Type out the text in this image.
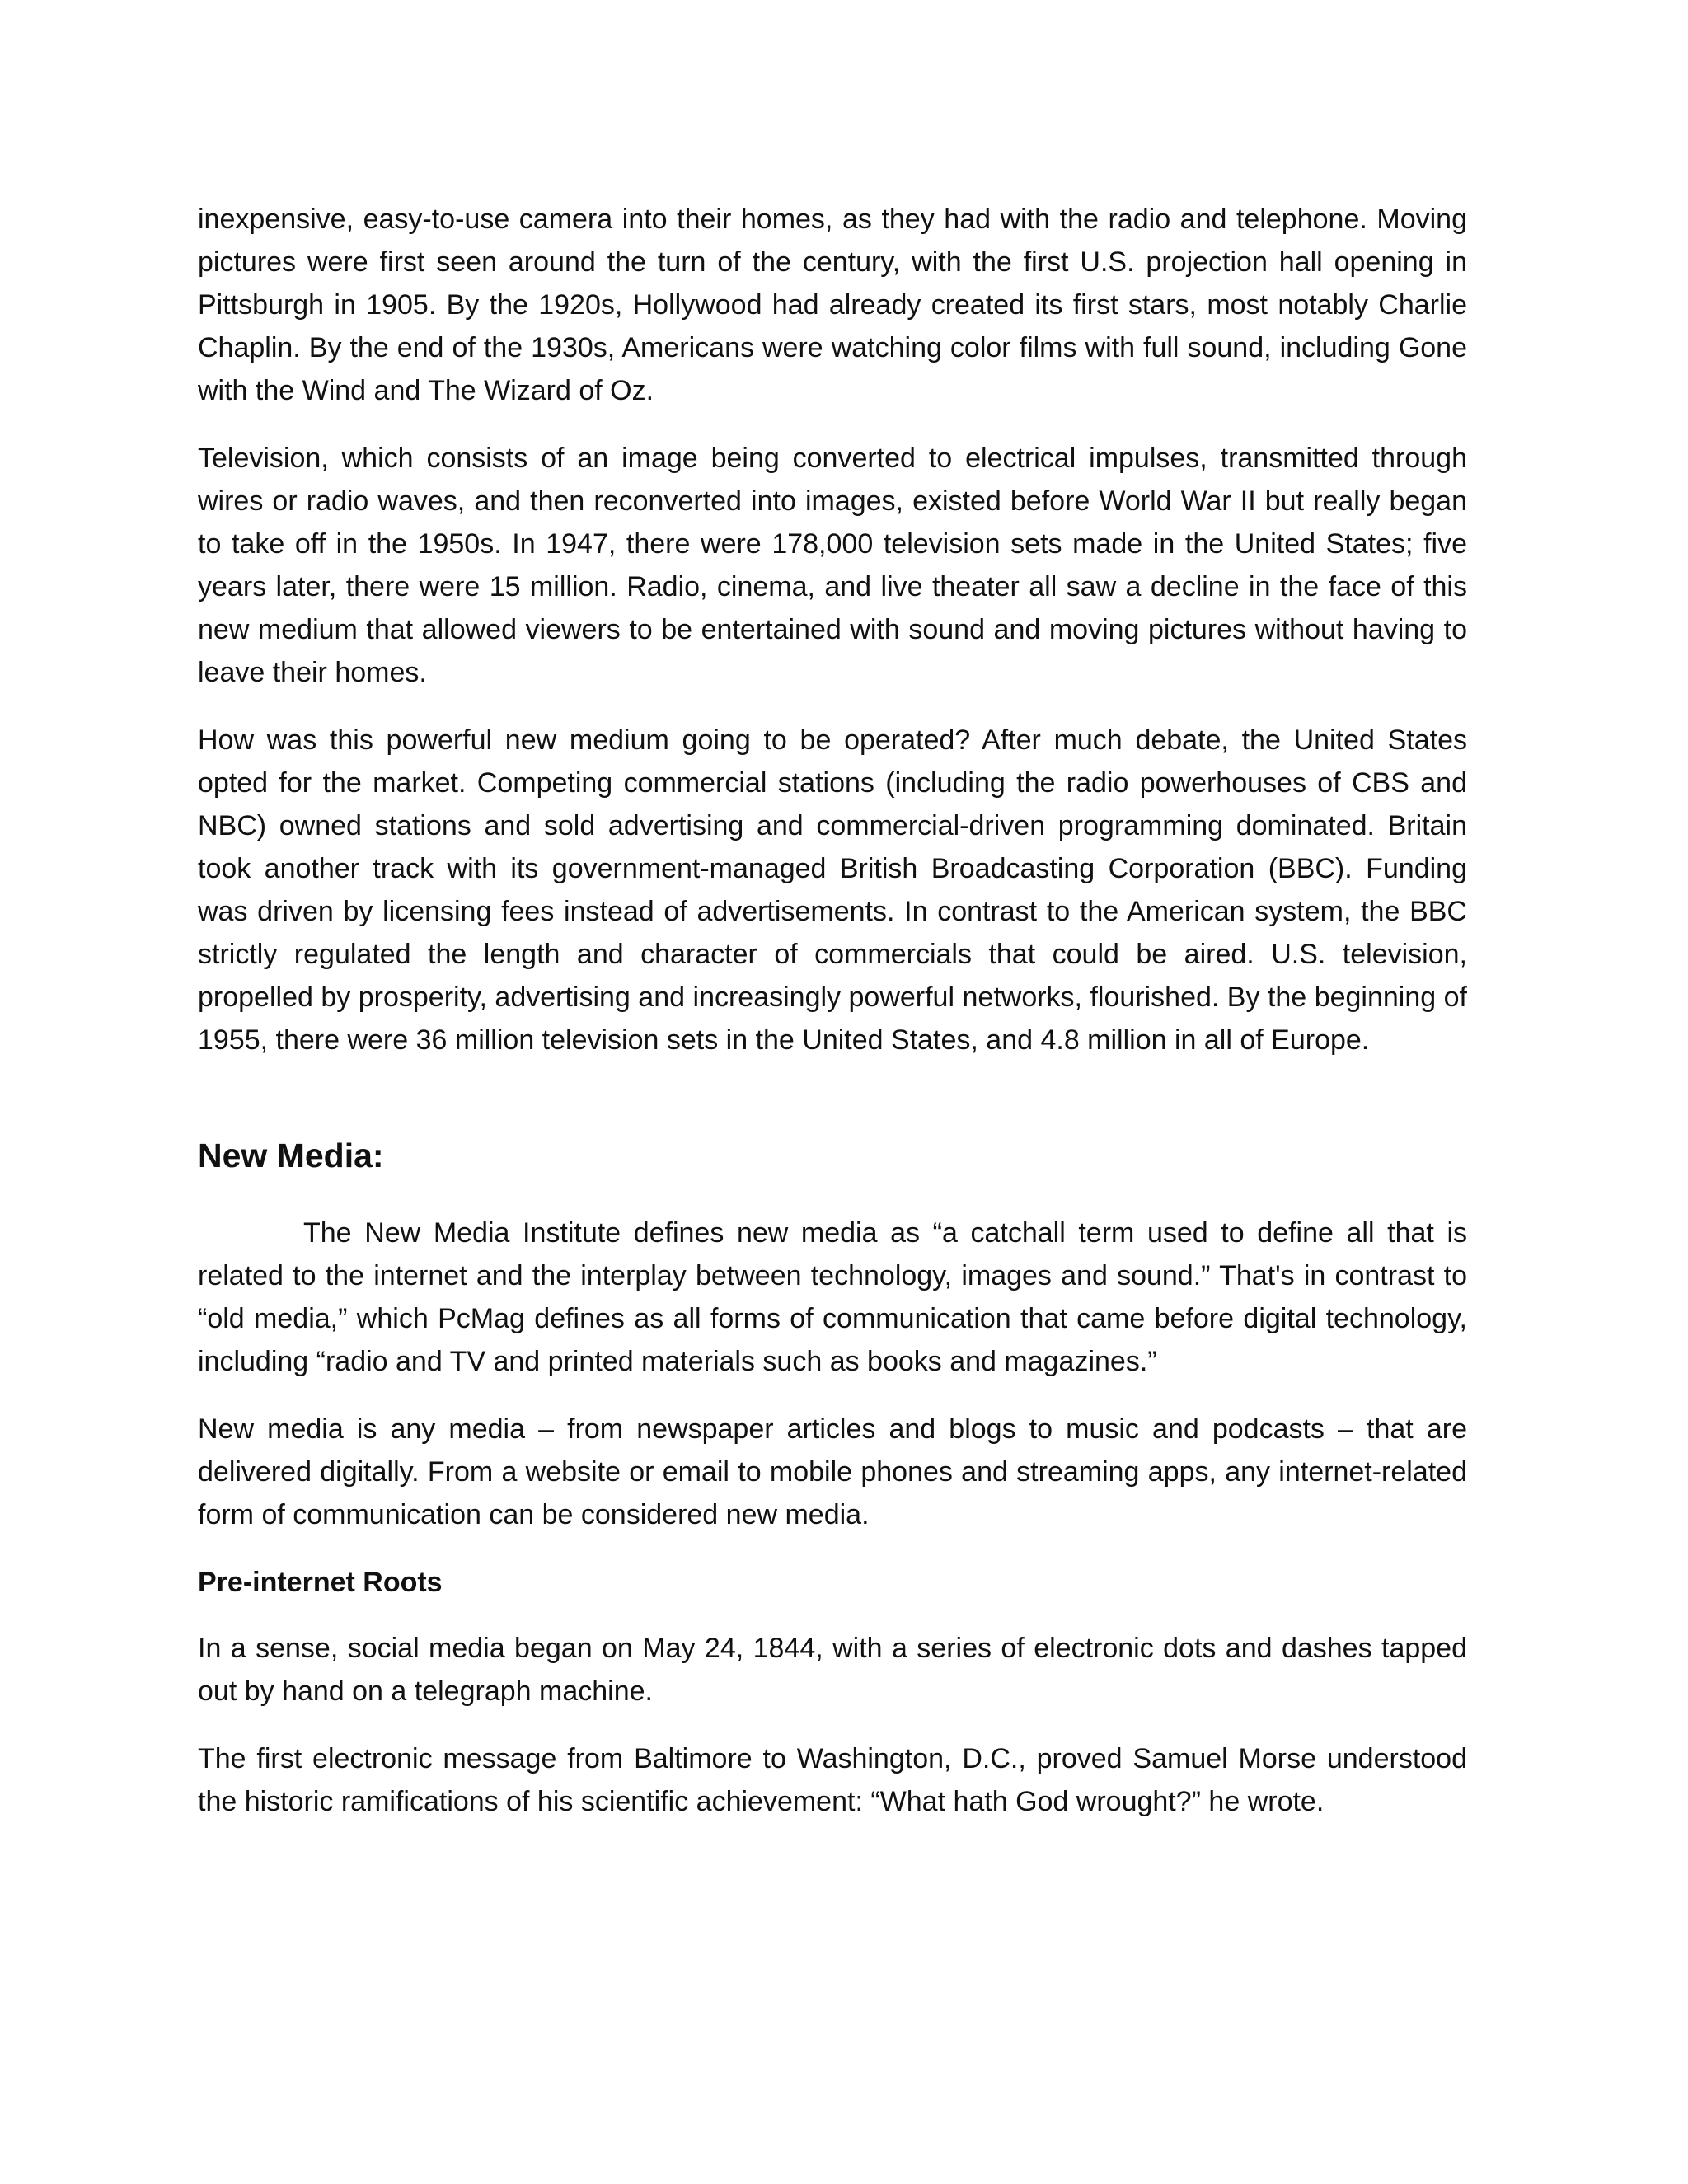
inexpensive, easy-to-use camera into their homes, as they had with the radio and telephone. Moving pictures were first seen around the turn of the century, with the first U.S. projection hall opening in Pittsburgh in 1905. By the 1920s, Hollywood had already created its first stars, most notably Charlie Chaplin. By the end of the 1930s, Americans were watching color films with full sound, including Gone with the Wind and The Wizard of Oz.

Television, which consists of an image being converted to electrical impulses, transmitted through wires or radio waves, and then reconverted into images, existed before World War II but really began to take off in the 1950s. In 1947, there were 178,000 television sets made in the United States; five years later, there were 15 million. Radio, cinema, and live theater all saw a decline in the face of this new medium that allowed viewers to be entertained with sound and moving pictures without having to leave their homes.

How was this powerful new medium going to be operated? After much debate, the United States opted for the market. Competing commercial stations (including the radio powerhouses of CBS and NBC) owned stations and sold advertising and commercial-driven programming dominated. Britain took another track with its government-managed British Broadcasting Corporation (BBC). Funding was driven by licensing fees instead of advertisements. In contrast to the American system, the BBC strictly regulated the length and character of commercials that could be aired. U.S. television, propelled by prosperity, advertising and increasingly powerful networks, flourished. By the beginning of 1955, there were 36 million television sets in the United States, and 4.8 million in all of Europe.

New Media:

The New Media Institute defines new media as “a catchall term used to define all that is related to the internet and the interplay between technology, images and sound.” That's in contrast to “old media,” which PcMag defines as all forms of communication that came before digital technology, including “radio and TV and printed materials such as books and magazines.”

New media is any media – from newspaper articles and blogs to music and podcasts – that are delivered digitally. From a website or email to mobile phones and streaming apps, any internet-related form of communication can be considered new media.

Pre-internet Roots

In a sense, social media began on May 24, 1844, with a series of electronic dots and dashes tapped out by hand on a telegraph machine.

The first electronic message from Baltimore to Washington, D.C., proved Samuel Morse understood the historic ramifications of his scientific achievement: “What hath God wrought?” he wrote.
